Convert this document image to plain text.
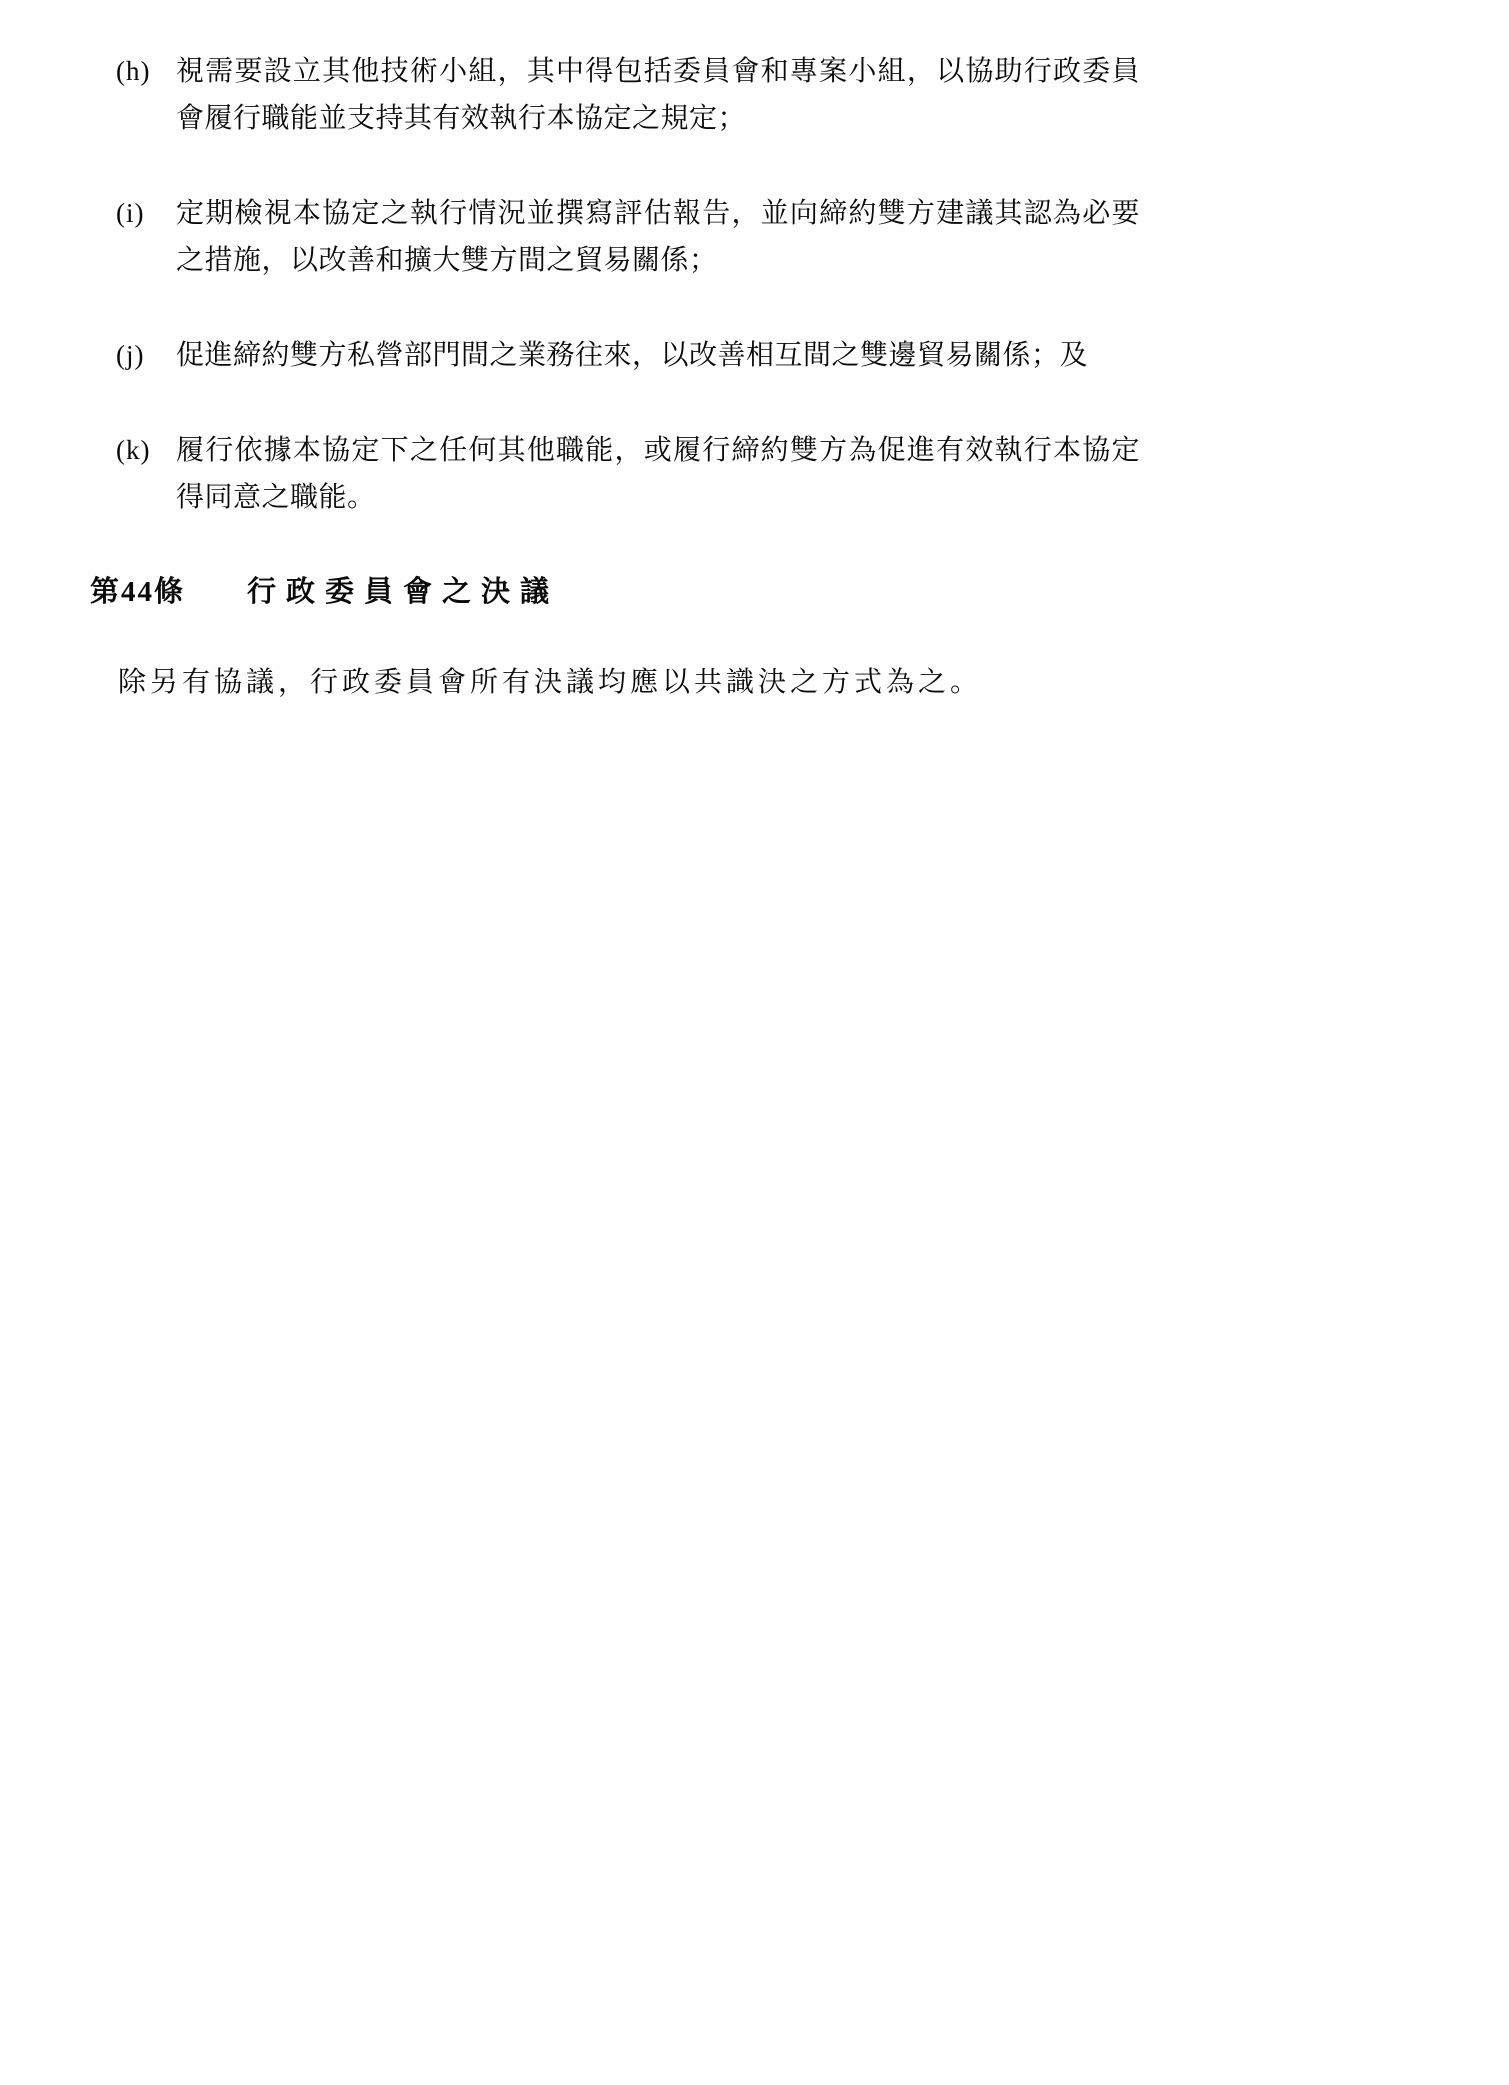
(h) 視需要設立其他技術小組，其中得包括委員會和專案小組，以協助行政委員會履行職能並支持其有效執行本協定之規定；
(i)	定期檢視本協定之執行情況並撰寫評估報告，並向締約雙方建議其認為必要之措施，以改善和擴大雙方間之貿易關係；
(j)	促進締約雙方私營部門間之業務往來，以改善相互間之雙邊貿易關係；及
(k) 履行依據本協定下之任何其他職能，或履行締約雙方為促進有效執行本協定得同意之職能。
第44條 行政委員會之決議
除另有協議，行政委員會所有決議均應以共識決之方式為之。
